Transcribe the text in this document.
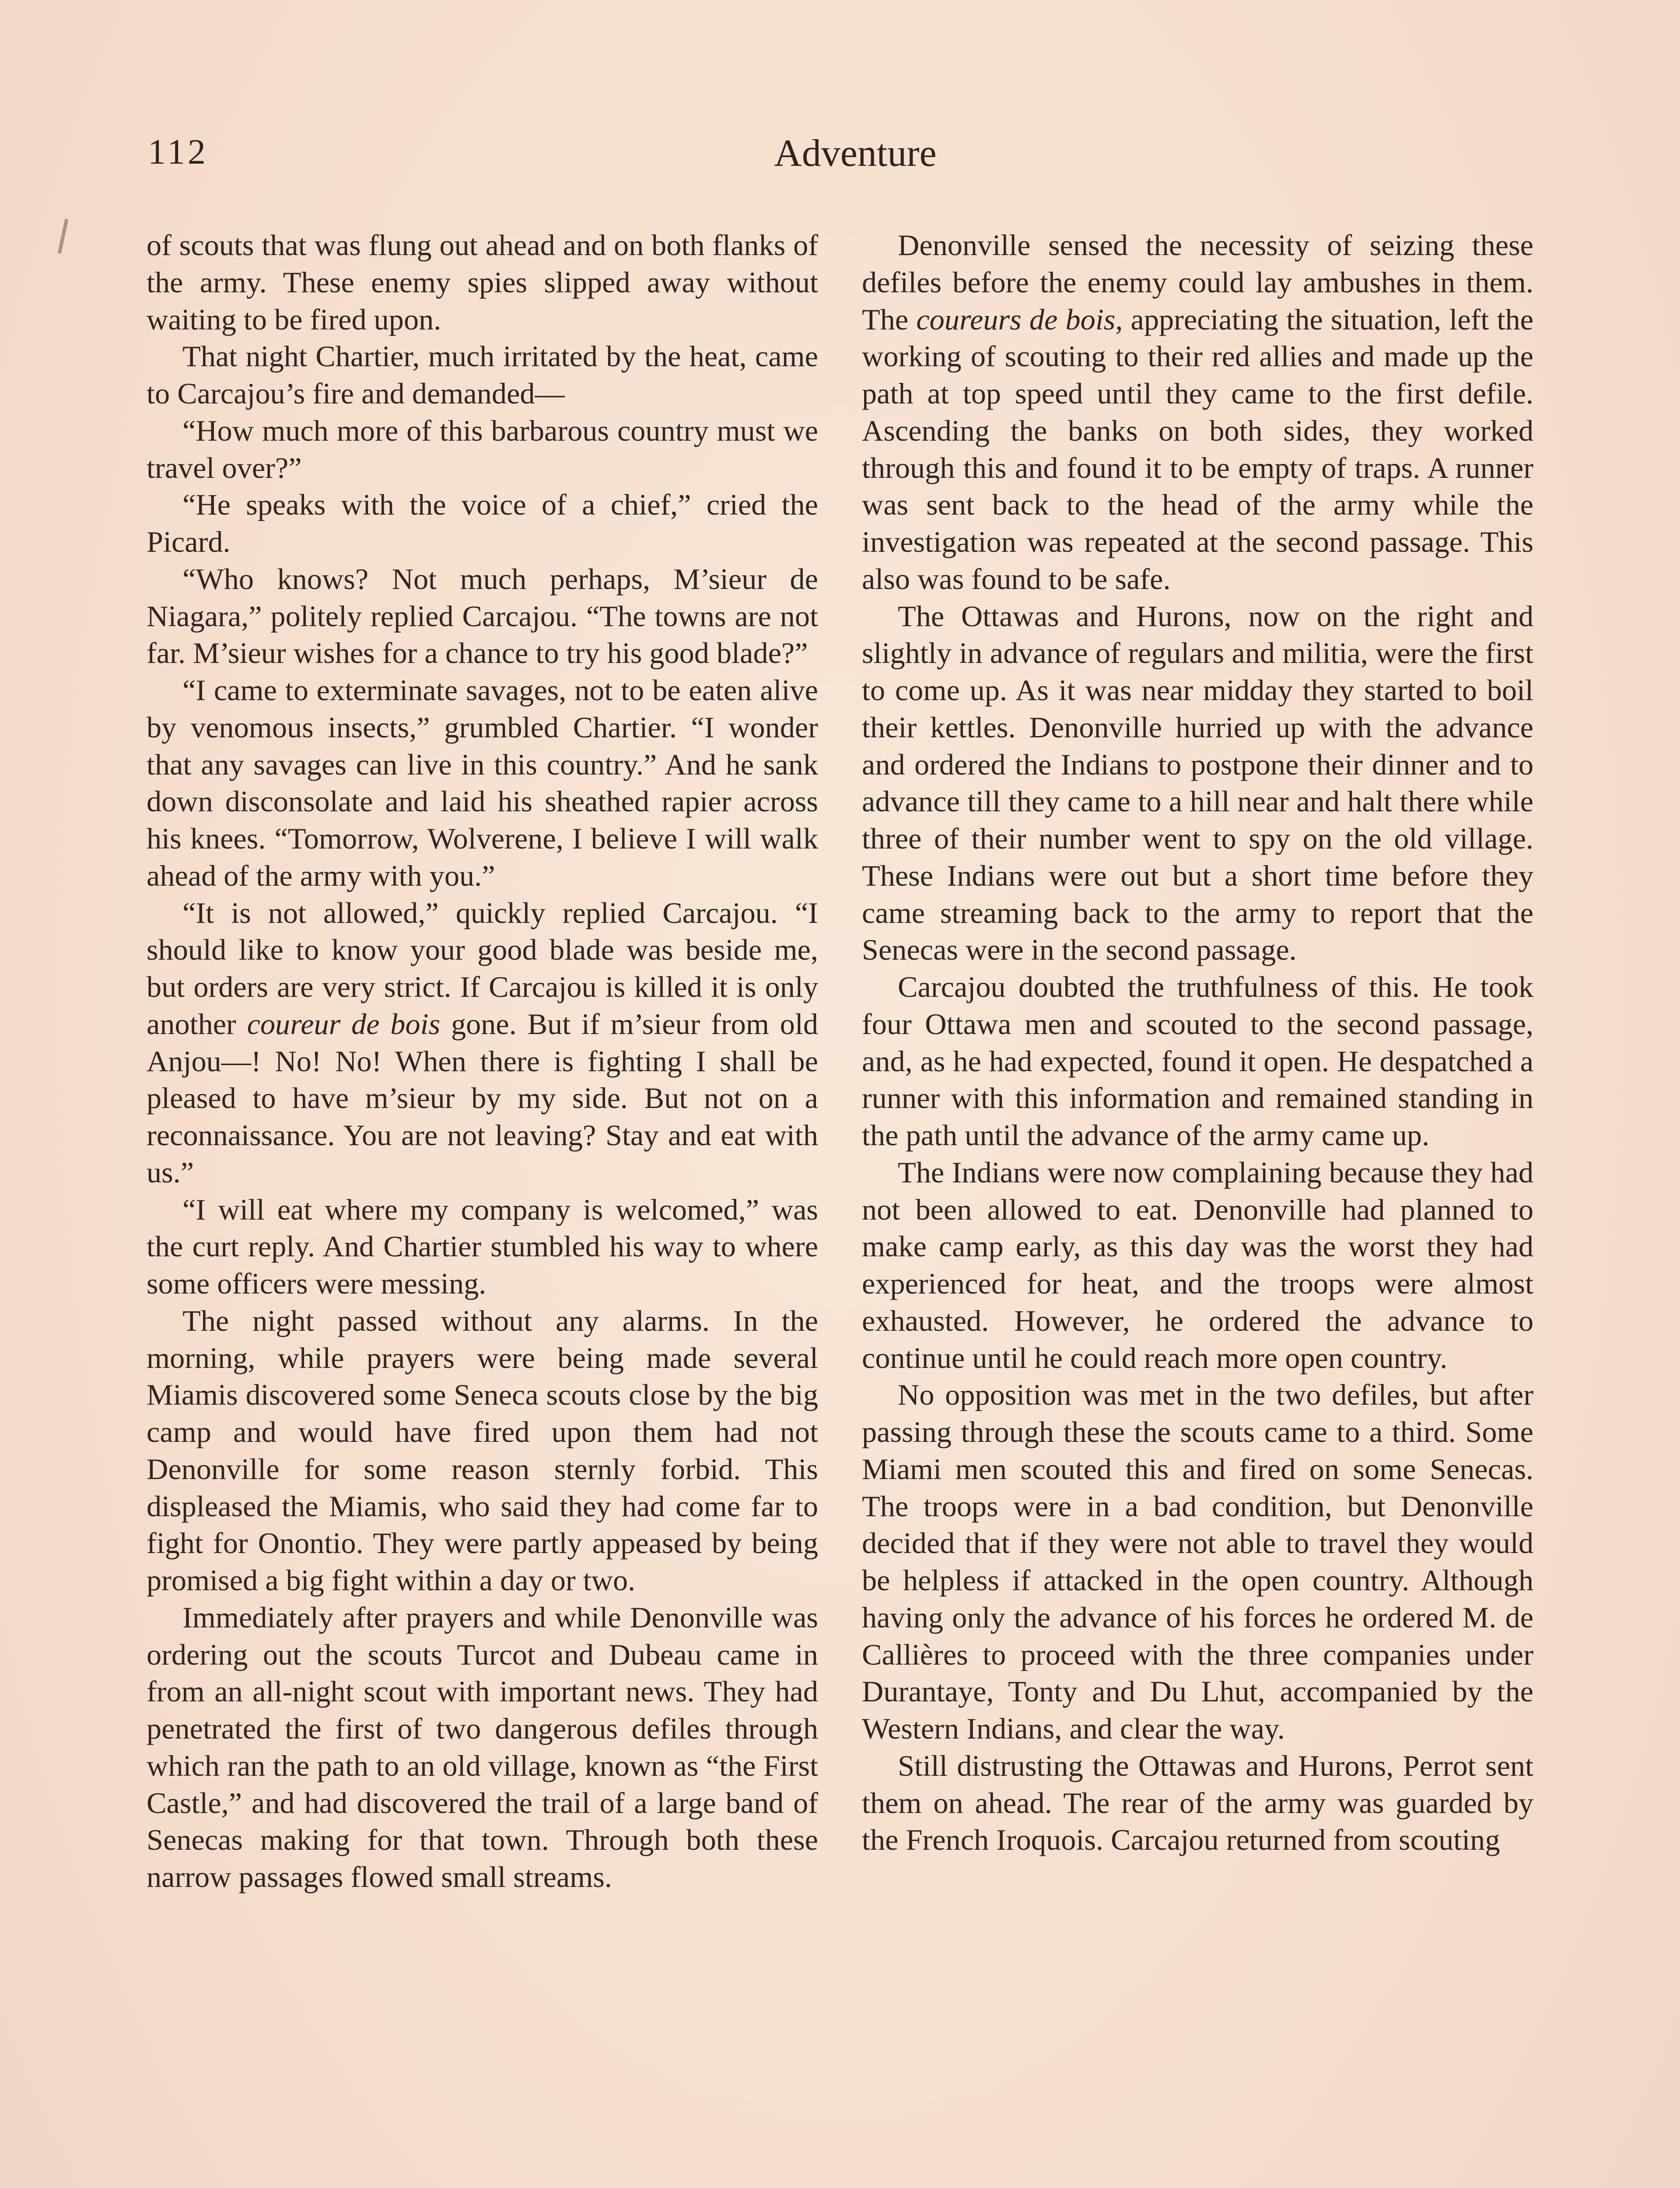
112	Adventure

of scouts that was flung out ahead and on both flanks of the army. These enemy spies slipped away without waiting to be fired upon.

That night Chartier, much irritated by the heat, came to Carcajou’s fire and demanded—

“How much more of this barbarous country must we travel over?”

“He speaks with the voice of a chief,” cried the Picard.

“Who knows? Not much perhaps, M’sieur de Niagara,” politely replied Carcajou. “The towns are not far. M’sieur wishes for a chance to try his good blade?”

“I came to exterminate savages, not to be eaten alive by venomous insects,” grumbled Chartier. “I wonder that any savages can live in this country.” And he sank down disconsolate and laid his sheathed rapier across his knees. “Tomorrow, Wolverene, I believe I will walk ahead of the army with you.”

“It is not allowed,” quickly replied Carcajou. “I should like to know your good blade was beside me, but orders are very strict. If Carcajou is killed it is only another coureur de bois gone. But if m’sieur from old Anjou—! No! No! When there is fighting I shall be pleased to have m’sieur by my side. But not on a reconnaissance. You are not leaving? Stay and eat with us.”

“I will eat where my company is welcomed,” was the curt reply. And Chartier stumbled his way to where some officers were messing.

The night passed without any alarms. In the morning, while prayers were being made several Miamis discovered some Seneca scouts close by the big camp and would have fired upon them had not Denonville for some reason sternly forbid. This displeased the Miamis, who said they had come far to fight for Onontio. They were partly appeased by being promised a big fight within a day or two.

Immediately after prayers and while Denonville was ordering out the scouts Turcot and Dubeau came in from an all-night scout with important news. They had penetrated the first of two dangerous defiles through which ran the path to an old village, known as “the First Castle,” and had discovered the trail of a large band of Senecas making for that town. Through both these narrow passages flowed small streams.

Denonville sensed the necessity of seizing these defiles before the enemy could lay ambushes in them. The coureurs de bois, appreciating the situation, left the working of scouting to their red allies and made up the path at top speed until they came to the first defile. Ascending the banks on both sides, they worked through this and found it to be empty of traps. A runner was sent back to the head of the army while the investigation was repeated at the second passage. This also was found to be safe.

The Ottawas and Hurons, now on the right and slightly in advance of regulars and militia, were the first to come up. As it was near midday they started to boil their kettles. Denonville hurried up with the advance and ordered the Indians to postpone their dinner and to advance till they came to a hill near and halt there while three of their number went to spy on the old village. These Indians were out but a short time before they came streaming back to the army to report that the Senecas were in the second passage.

Carcajou doubted the truthfulness of this. He took four Ottawa men and scouted to the second passage, and, as he had expected, found it open. He despatched a runner with this information and remained standing in the path until the advance of the army came up.

The Indians were now complaining because they had not been allowed to eat. Denonville had planned to make camp early, as this day was the worst they had experienced for heat, and the troops were almost exhausted. However, he ordered the advance to continue until he could reach more open country.

No opposition was met in the two defiles, but after passing through these the scouts came to a third. Some Miami men scouted this and fired on some Senecas. The troops were in a bad condition, but Denonville decided that if they were not able to travel they would be helpless if attacked in the open country. Although having only the advance of his forces he ordered M. de Callières to proceed with the three companies under Durantaye, Tonty and Du Lhut, accompanied by the Western Indians, and clear the way.

Still distrusting the Ottawas and Hurons, Perrot sent them on ahead. The rear of the army was guarded by the French Iroquois. Carcajou returned from scouting
